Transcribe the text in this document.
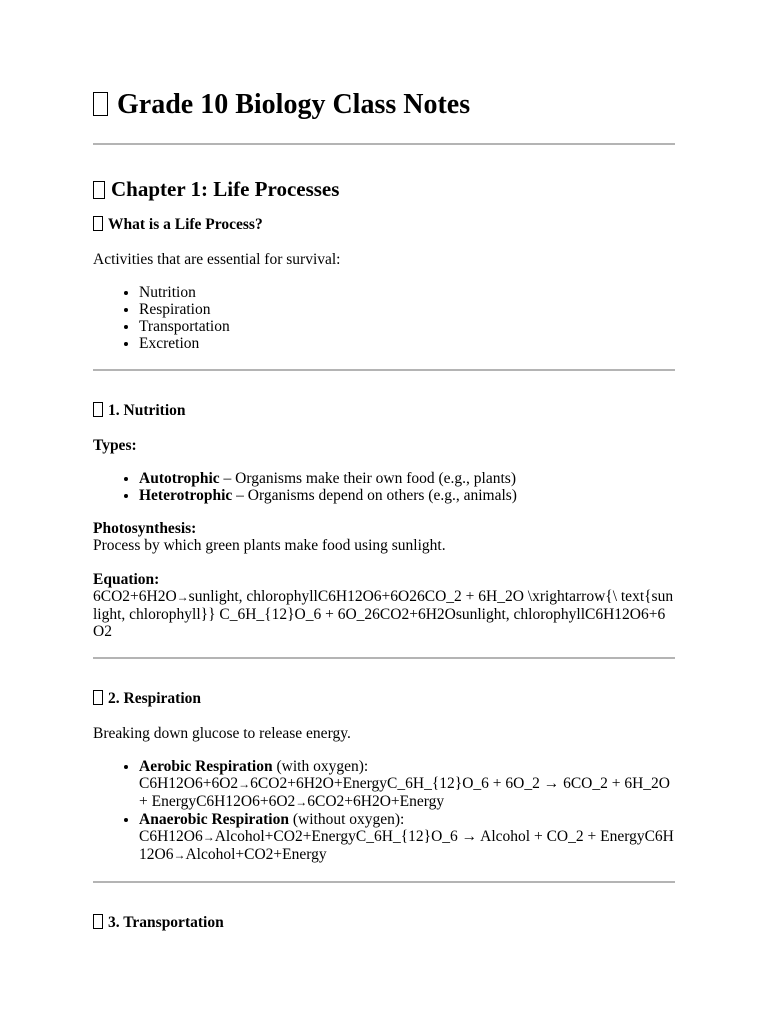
Grade 10 Biology Class Notes
Chapter 1: Life Processes
What is a Life Process?

Activities that are essential for survival:

• Nutrition
• Respiration
• Transportation
• Excretion
1. Nutrition

Types:

• Autotrophic – Organisms make their own food (e.g., plants)
• Heterotrophic – Organisms depend on others (e.g., animals)

Photosynthesis:
Process by which green plants make food using sunlight.

Equation:
6CO2+6H2O→sunlight, chlorophyllC6H12O6+6O26CO_2 + 6H_2O \xrightarrow{\ text{sunlight, chlorophyll}} C_6H_{12}O_6 + 6O_26CO2+6H2Osunlight, chlorophyllC6H12O6+6O2

2. Respiration

Breaking down glucose to release energy.

• Aerobic Respiration (with oxygen):
C6H12O6+6O2→6CO2+6H2O+EnergyC_6H_{12}O_6 + 6O_2 → 6CO_2 + 6H_2O + EnergyC6H12O6+6O2→6CO2+6H2O+Energy
• Anaerobic Respiration (without oxygen):
C6H12O6→Alcohol+CO2+EnergyC_6H_{12}O_6 → Alcohol + CO_2 + EnergyC6H12O6→Alcohol+CO2+Energy
3. Transportation
